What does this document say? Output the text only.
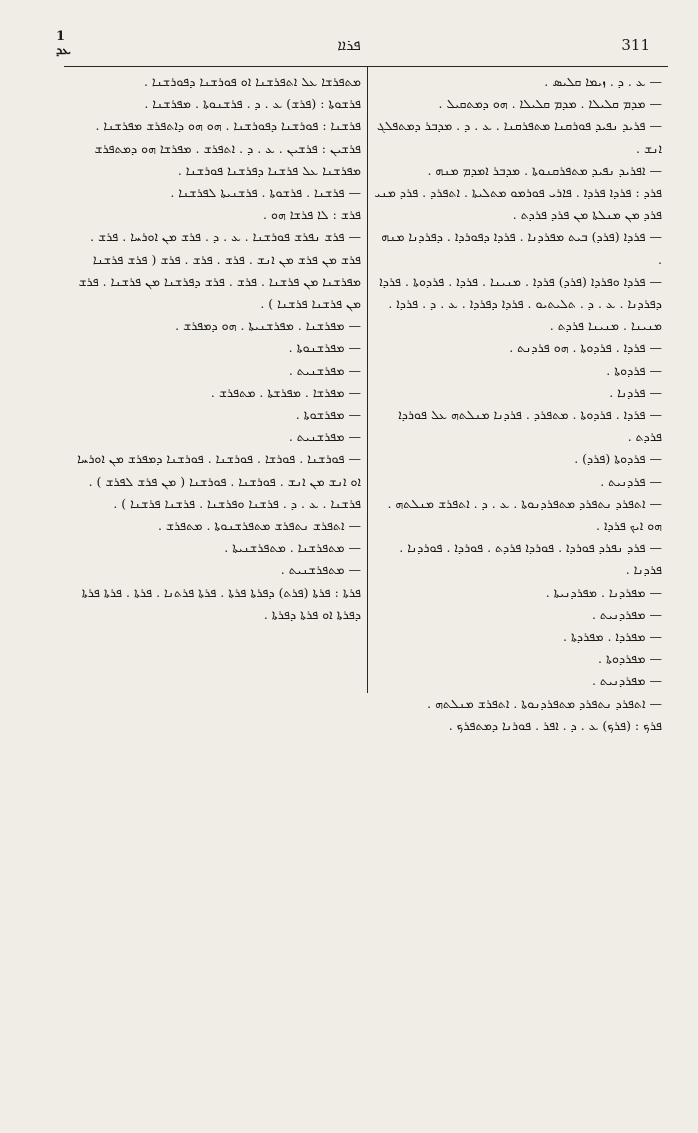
1
ܥܕ	ܦܪܐܐ	311

— ܥ . ܕ . ܙܝܡܐ ܩܠܝܣ .

— ܡܕܡ ܩܠܝܠܐ . ܡܕܡ ܩܠܝܠܐ . ܗܘ ܕܡܬܩܝܠ .

— ܦܪܝܕ ܢܦܝܕ ܦܘܪܩܢܐ ܡܬܦܪܩܢܐ . ܥ . ܕ . ܡܕܒܪ ܕܡܬܦܠܓ ܐܢܫ .

— ܐܦܪܝܕ ܢܦܝܕ ܡܬܦܪܩܢܘܬܐ . ܡܕܒܪ ܐܡܕܡ ܡܢܗ .

ܦܪܕ : ܦܪܕܐ ܦܪܕܐ . ܦܐܪܝ ܦܘܪܡܘ ܡܬܠܝܬܐ . ܐܬܦܪܕ . ܦܪܕ ܡܢܝ ܦܪܕ ܡܢ ܡܢܠܬܐ ܡܢ ܦܪܕ ܦܪܕܬ .

— ܦܪܕܐ (ܦܪܕ) ܒܝܬ ܡܦܪܕܢܐ . ܦܪܕܐ ܕܦܘܪܕܐ . ܕܦܪܕܢܐ ܡܢܗ .

— ܦܪܕܐ ܘܦܪܕܐ (ܦܪܕ) ܦܪܕܐ . ܡܢܝܢܐ . ܦܪܕܐ . ܦܪܕܘܬܐ . ܦܪܕܐ ܕܦܪܕܢܐ . ܥ . ܕ . ܬܠܝܬܝܘ . ܦܪܕܐ ܕܦܪܕܐ . ܥ . ܕ . ܦܪܕܐ . ܡܢܝܢܐ . ܡܢܝܢܐ ܦܪܕܬ .

— ܦܪܕܐ . ܦܪܕܘܬܐ . ܗܘ ܦܪܕܢܬ .

— ܦܪܕܘܬܐ .

— ܦܪܕܢܐ .

— ܦܪܕܐ . ܦܪܕܘܬܐ . ܡܬܦܪܕ . ܦܪܕܢܐ ܡܢܠܬܗ ܥܠ ܦܘܪܕܐ ܦܪܕܬ .

— ܦܪܕܘܬܐ (ܦܪܕ) .

— ܦܪܕܢܝܬ .

— ܐܬܦܪܕ ܢܬܦܪܕ ܡܬܦܪܕܢܘܬܐ . ܥ . ܕ . ܐܬܦܪܫ ܡܢܠܬܗ . ܗܘ ܐܝܟ ܦܪܕܐ .

— ܦܪܕ ܢܦܪܕ ܦܘܪܕܐ . ܦܘܪܕܐ ܦܪܕܬ . ܦܘܪܕܐ . ܦܘܪܕܢܐ . ܦܪܕܢܐ .

— ܡܦܪܕܢܐ . ܡܦܪܕܢܝܬܐ .

— ܡܦܪܕܢܝܬ .

— ܡܦܪܕܐ . ܡܦܪܕܬܐ .

— ܡܦܪܕܘܬܐ .

— ܡܦܪܕܢܝܬ .

— ܐܬܦܪܕ ܢܬܦܪܕ ܡܬܦܪܕܢܘܬܐ . ܐܬܦܪܫ ܡܢܠܬܗ .

ܦܪܟ : (ܦܪܟ) ܥ . ܕ . ܐܦܪ . ܦܘܪܢܐ ܕܡܬܦܪܟ .

ܡܬܦܪܫܐ ܥܠ ܐܬܦܪܫܢܐ ܐܘ ܦܘܪܫܢܐ ܕܦܘܪܫܢܐ .

ܦܪܫܘܬܐ : (ܦܪܫ) ܥ . ܕ . ܦܪܫܢܘܬܐ . ܡܦܪܫܢܐ .

ܦܪܫܢܐ : ܦܘܪܫܢܐ ܕܦܘܪܫܢܐ . ܗܘ ܗܘ ܕܐܬܦܪܫ ܡܦܪܫܢܐ .

ܦܪܫܝܢ : ܦܪܫܝܢ . ܥ . ܕ . ܐܬܦܪܫ . ܡܦܪܫܐ ܗܘ ܕܡܬܦܪܫ ܡܦܪܫܢܐ ܥܠ ܦܪܫܢܐ ܕܦܪܫܢܐ ܦܘܪܫܢܐ .

— ܦܪܫܢܐ . ܦܪܫܘܬܐ . ܦܪܫܢܝܬܐ ܠܦܪܫܢܐ .

ܦܪܫ : ܠܐ ܦܪܫܐ ܗܘ .

— ܦܪܫ ܢܦܪܫ ܦܘܪܫܢܐ . ܥ . ܕ . ܦܪܫ ܡܢ ܐܘܪܚܐ . ܦܪܫ . ܦܪܫ ܡܢ ܦܪܫ ܡܢ ܐܢܫ . ܦܪܫ . ܦܪܫ . ܦܪܫ ( ܦܪܫ ܦܪܫܢܐ ܡܦܪܫܢܐ ܡܢ ܦܪܫܢܐ . ܦܪܫ . ܦܪܫ ܕܦܪܫܢܐ ܡܢ ܦܪܫܢܐ . ܦܪܫ ܡܢ ܦܪܫܢܐ ܦܪܫܢܐ ) .

— ܡܦܪܫܢܐ . ܡܦܪܫܢܝܬܐ . ܗܘ ܕܡܦܪܫ .

— ܡܦܪܫܢܘܬܐ .

— ܡܦܪܫܢܝܬ .

— ܡܦܪܫܐ . ܡܦܪܫܬܐ . ܡܬܦܪܫ .

— ܡܦܪܫܘܬܐ .

— ܡܦܪܫܢܝܬ .

— ܦܘܪܫܢܐ . ܦܘܪܫܐ . ܦܘܪܫܢܐ . ܦܘܪܫܢܐ ܕܡܦܪܫ ܡܢ ܐܘܪܚܐ ܐܘ ܐܢܫ ܡܢ ܐܢܫ . ܦܘܪܫܢܐ . ܦܘܪܫܢܐ ( ܡܢ ܦܪܫ ܠܦܪܫ ) . ܦܪܫܢܐ . ܥ . ܕ . ܦܪܫܢܐ ܘܦܪܫܢܐ . ܦܪܫܢܐ ܦܪܫܢܐ ) .

— ܐܬܦܪܫ ܢܬܦܪܫ ܡܬܦܪܫܢܘܬܐ . ܡܬܦܪܫ .

— ܡܬܦܪܫܢܐ . ܡܬܦܪܫܢܝܬܐ .

— ܡܬܦܪܫܢܝܬ .

ܦܪܬܐ : ܦܪܬܐ (ܦܪܬ) ܕܦܪܬܐ ܦܪܬܐ . ܦܪܬܐ ܦܪܬܢܐ . ܦܪܬܐ . ܦܪܬܐ ܦܪܬܐ ܕܦܪܬܐ ܐܘ ܦܪܬܐ ܕܦܪܬܐ .
